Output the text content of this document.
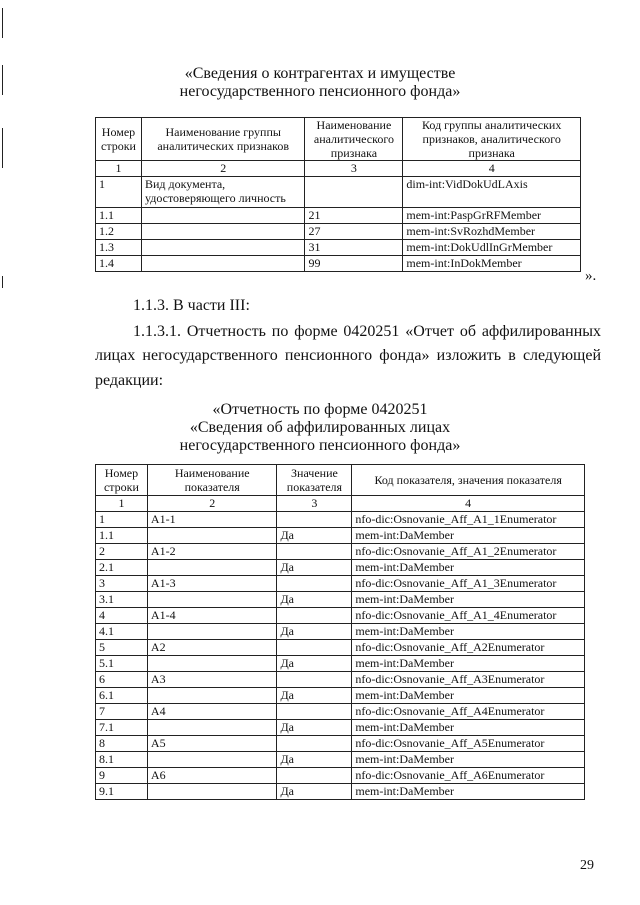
«Сведения о контрагентах и имуществе
негосударственного пенсионного фонда»
Номер строки	Наименование группы аналитических признаков	Наименование аналитического признака	Код группы аналитических признаков, аналитического признака
1	2	3	4
1	Вид документа, удостоверяющего личность		dim-int:VidDokUdLAxis
1.1		21	mem-int:PaspGrRFMember
1.2		27	mem-int:SvRozhdMember
1.3		31	mem-int:DokUdlInGrMember
1.4		99	mem-int:InDokMember
».
1.1.3. В части III:
1.1.3.1. Отчетность по форме 0420251 «Отчет об аффилированных
лицах негосударственного пенсионного фонда» изложить в следующей
редакции:
«Отчетность по форме 0420251
«Сведения об аффилированных лицах
негосударственного пенсионного фонда»
Номер строки	Наименование показателя	Значение показателя	Код показателя, значения показателя
1	2	3	4
1	A1-1		nfo-dic:Osnovanie_Aff_A1_1Enumerator
1.1		Да	mem-int:DaMember
2	A1-2		nfo-dic:Osnovanie_Aff_A1_2Enumerator
2.1		Да	mem-int:DaMember
3	A1-3		nfo-dic:Osnovanie_Aff_A1_3Enumerator
3.1		Да	mem-int:DaMember
4	A1-4		nfo-dic:Osnovanie_Aff_A1_4Enumerator
4.1		Да	mem-int:DaMember
5	A2		nfo-dic:Osnovanie_Aff_A2Enumerator
5.1		Да	mem-int:DaMember
6	A3		nfo-dic:Osnovanie_Aff_A3Enumerator
6.1		Да	mem-int:DaMember
7	A4		nfo-dic:Osnovanie_Aff_A4Enumerator
7.1		Да	mem-int:DaMember
8	A5		nfo-dic:Osnovanie_Aff_A5Enumerator
8.1		Да	mem-int:DaMember
9	A6		nfo-dic:Osnovanie_Aff_A6Enumerator
9.1		Да	mem-int:DaMember
29
